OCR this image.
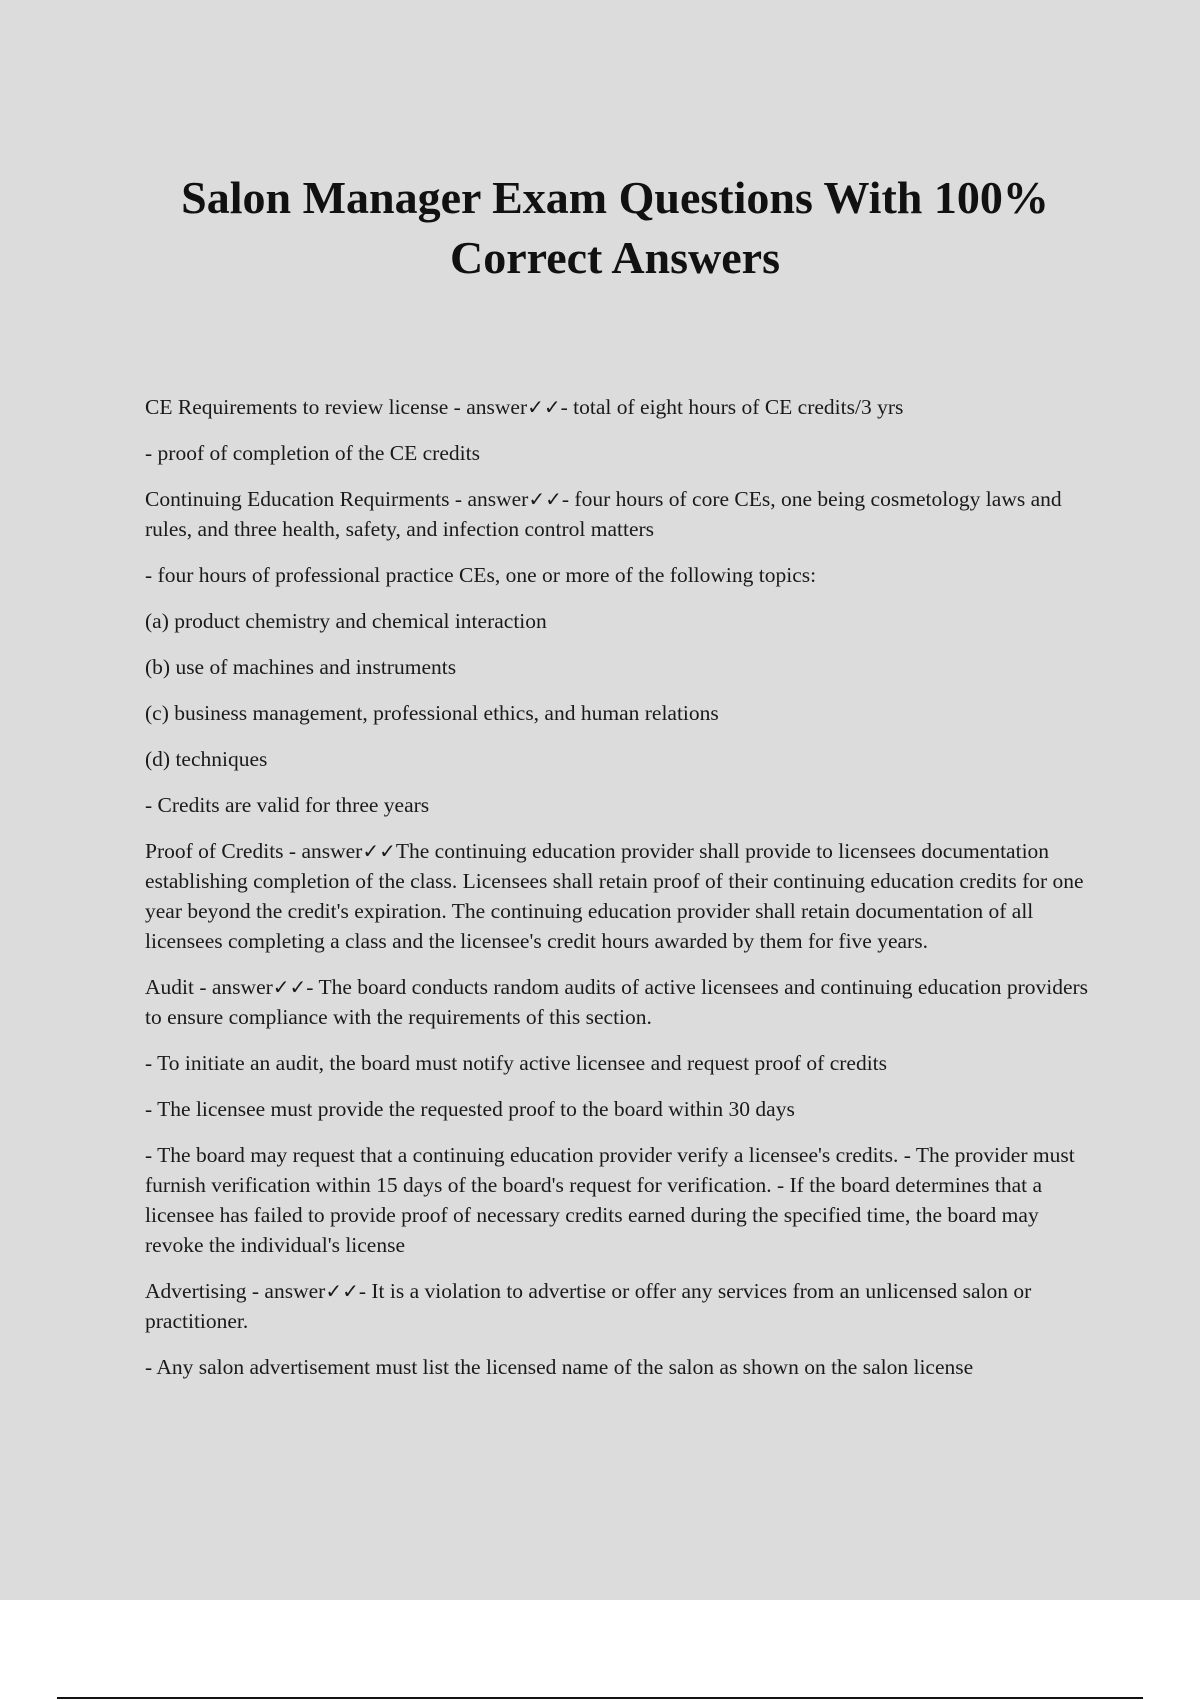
Salon Manager Exam Questions With 100% Correct Answers

CE Requirements to review license - answer✓✓- total of eight hours of CE credits/3 yrs

- proof of completion of the CE credits

Continuing Education Requirments - answer✓✓- four hours of core CEs, one being cosmetology laws and rules, and three health, safety, and infection control matters

- four hours of professional practice CEs, one or more of the following topics:

(a) product chemistry and chemical interaction

(b) use of machines and instruments

(c) business management, professional ethics, and human relations

(d) techniques

- Credits are valid for three years

Proof of Credits - answer✓✓The continuing education provider shall provide to licensees documentation establishing completion of the class. Licensees shall retain proof of their continuing education credits for one year beyond the credit's expiration. The continuing education provider shall retain documentation of all licensees completing a class and the licensee's credit hours awarded by them for five years.

Audit - answer✓✓- The board conducts random audits of active licensees and continuing education providers to ensure compliance with the requirements of this section.

- To initiate an audit, the board must notify active licensee and request proof of credits

- The licensee must provide the requested proof to the board within 30 days

- The board may request that a continuing education provider verify a licensee's credits. - The provider must furnish verification within 15 days of the board's request for verification. - If the board determines that a licensee has failed to provide proof of necessary credits earned during the specified time, the board may revoke the individual's license

Advertising - answer✓✓- It is a violation to advertise or offer any services from an unlicensed salon or practitioner.

- Any salon advertisement must list the licensed name of the salon as shown on the salon license
